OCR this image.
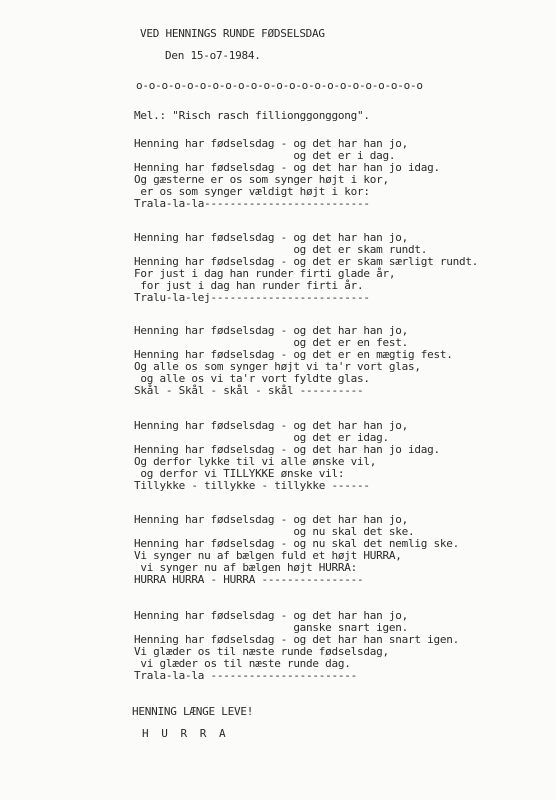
VED HENNINGS RUNDE FØDSELSDAG
Den 15-o7-1984.
o-o-o-o-o-o-o-o-o-o-o-o-o-o-o-o-o-o-o-o-o-o-o
Mel.: "Risch rasch fillionggonggong".
Henning har fødselsdag - og det har han jo,
og det er i dag.
Henning har fødselsdag - og det har han jo idag.
Og gæsterne er os som synger højt i kor,
er os som synger vældigt højt i kor:
Trala-la-la--------------------------
Henning har fødselsdag - og det har han jo,
og det er skam rundt.
Henning har fødselsdag - og det er skam særligt rundt.
For just i dag han runder firti glade år,
for just i dag han runder firti år.
Tralu-la-lej-------------------------
Henning har fødselsdag - og det har han jo,
og det er en fest.
Henning har fødselsdag - og det er en mægtig fest.
Og alle os som synger højt vi ta'r vort glas,
og alle os vi ta'r vort fyldte glas.
Skål - Skål - skål - skål ----------
Henning har fødselsdag - og det har han jo,
og det er idag.
Henning har fødselsdag - og det har han jo idag.
Og derfor lykke til vi alle ønske vil,
og derfor vi TILLYKKE ønske vil:
Tillykke - tillykke - tillykke ------
Henning har fødselsdag - og det har han jo,
og nu skal det ske.
Henning har fødselsdag - og nu skal det nemlig ske.
Vi synger nu af bælgen fuld et højt HURRA,
vi synger nu af bælgen højt HURRA:
HURRA HURRA - HURRA ----------------
Henning har fødselsdag - og det har han jo,
ganske snart igen.
Henning har fødselsdag - og det har han snart igen.
Vi glæder os til næste runde fødselsdag,
vi glæder os til næste runde dag.
Trala-la-la -----------------------
HENNING LÆNGE LEVE!
H U R R A
